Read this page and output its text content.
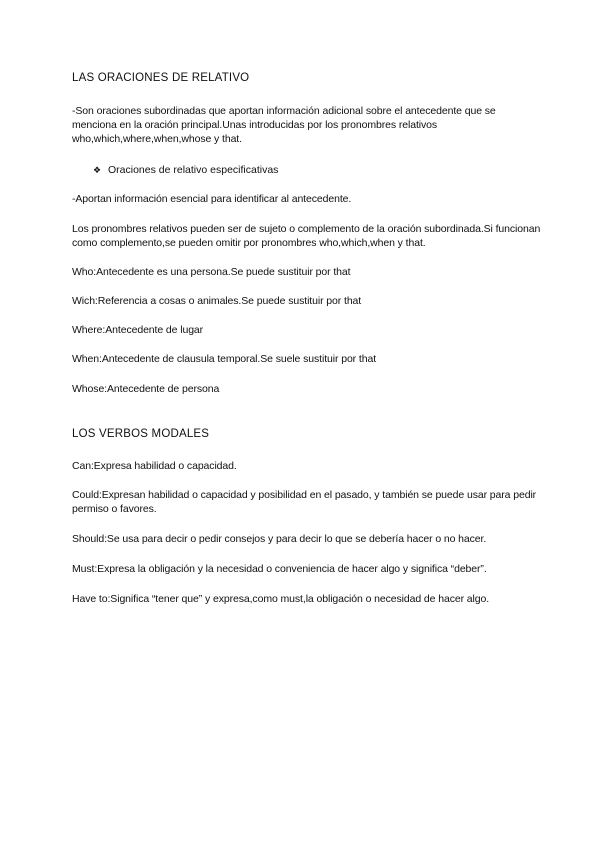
LAS ORACIONES DE RELATIVO

-Son oraciones subordinadas que aportan información adicional sobre el antecedente que se menciona en la oración principal.Unas introducidas por los pronombres relativos who,which,where,when,whose y that.

❖ Oraciones de relativo especificativas

-Aportan información esencial para identificar al antecedente.

Los pronombres relativos pueden ser de sujeto o complemento de la oración subordinada.Si funcionan como complemento,se pueden omitir por pronombres who,which,when y that.

Who:Antecedente es una persona.Se puede sustituir por that

Wich:Referencia a cosas o animales.Se puede sustituir por that

Where:Antecedente de lugar

When:Antecedente de clausula temporal.Se suele sustituir por that

Whose:Antecedente de persona

LOS VERBOS MODALES

Can:Expresa habilidad o capacidad.

Could:Expresan habilidad o capacidad y posibilidad en el pasado, y también se puede usar para pedir permiso o favores.

Should:Se usa para decir o pedir consejos y para decir lo que se debería hacer o no hacer.

Must:Expresa la obligación y la necesidad o conveniencia de hacer algo y significa “deber”.

Have to:Significa “tener que” y expresa,como must,la obligación o necesidad de hacer algo.
